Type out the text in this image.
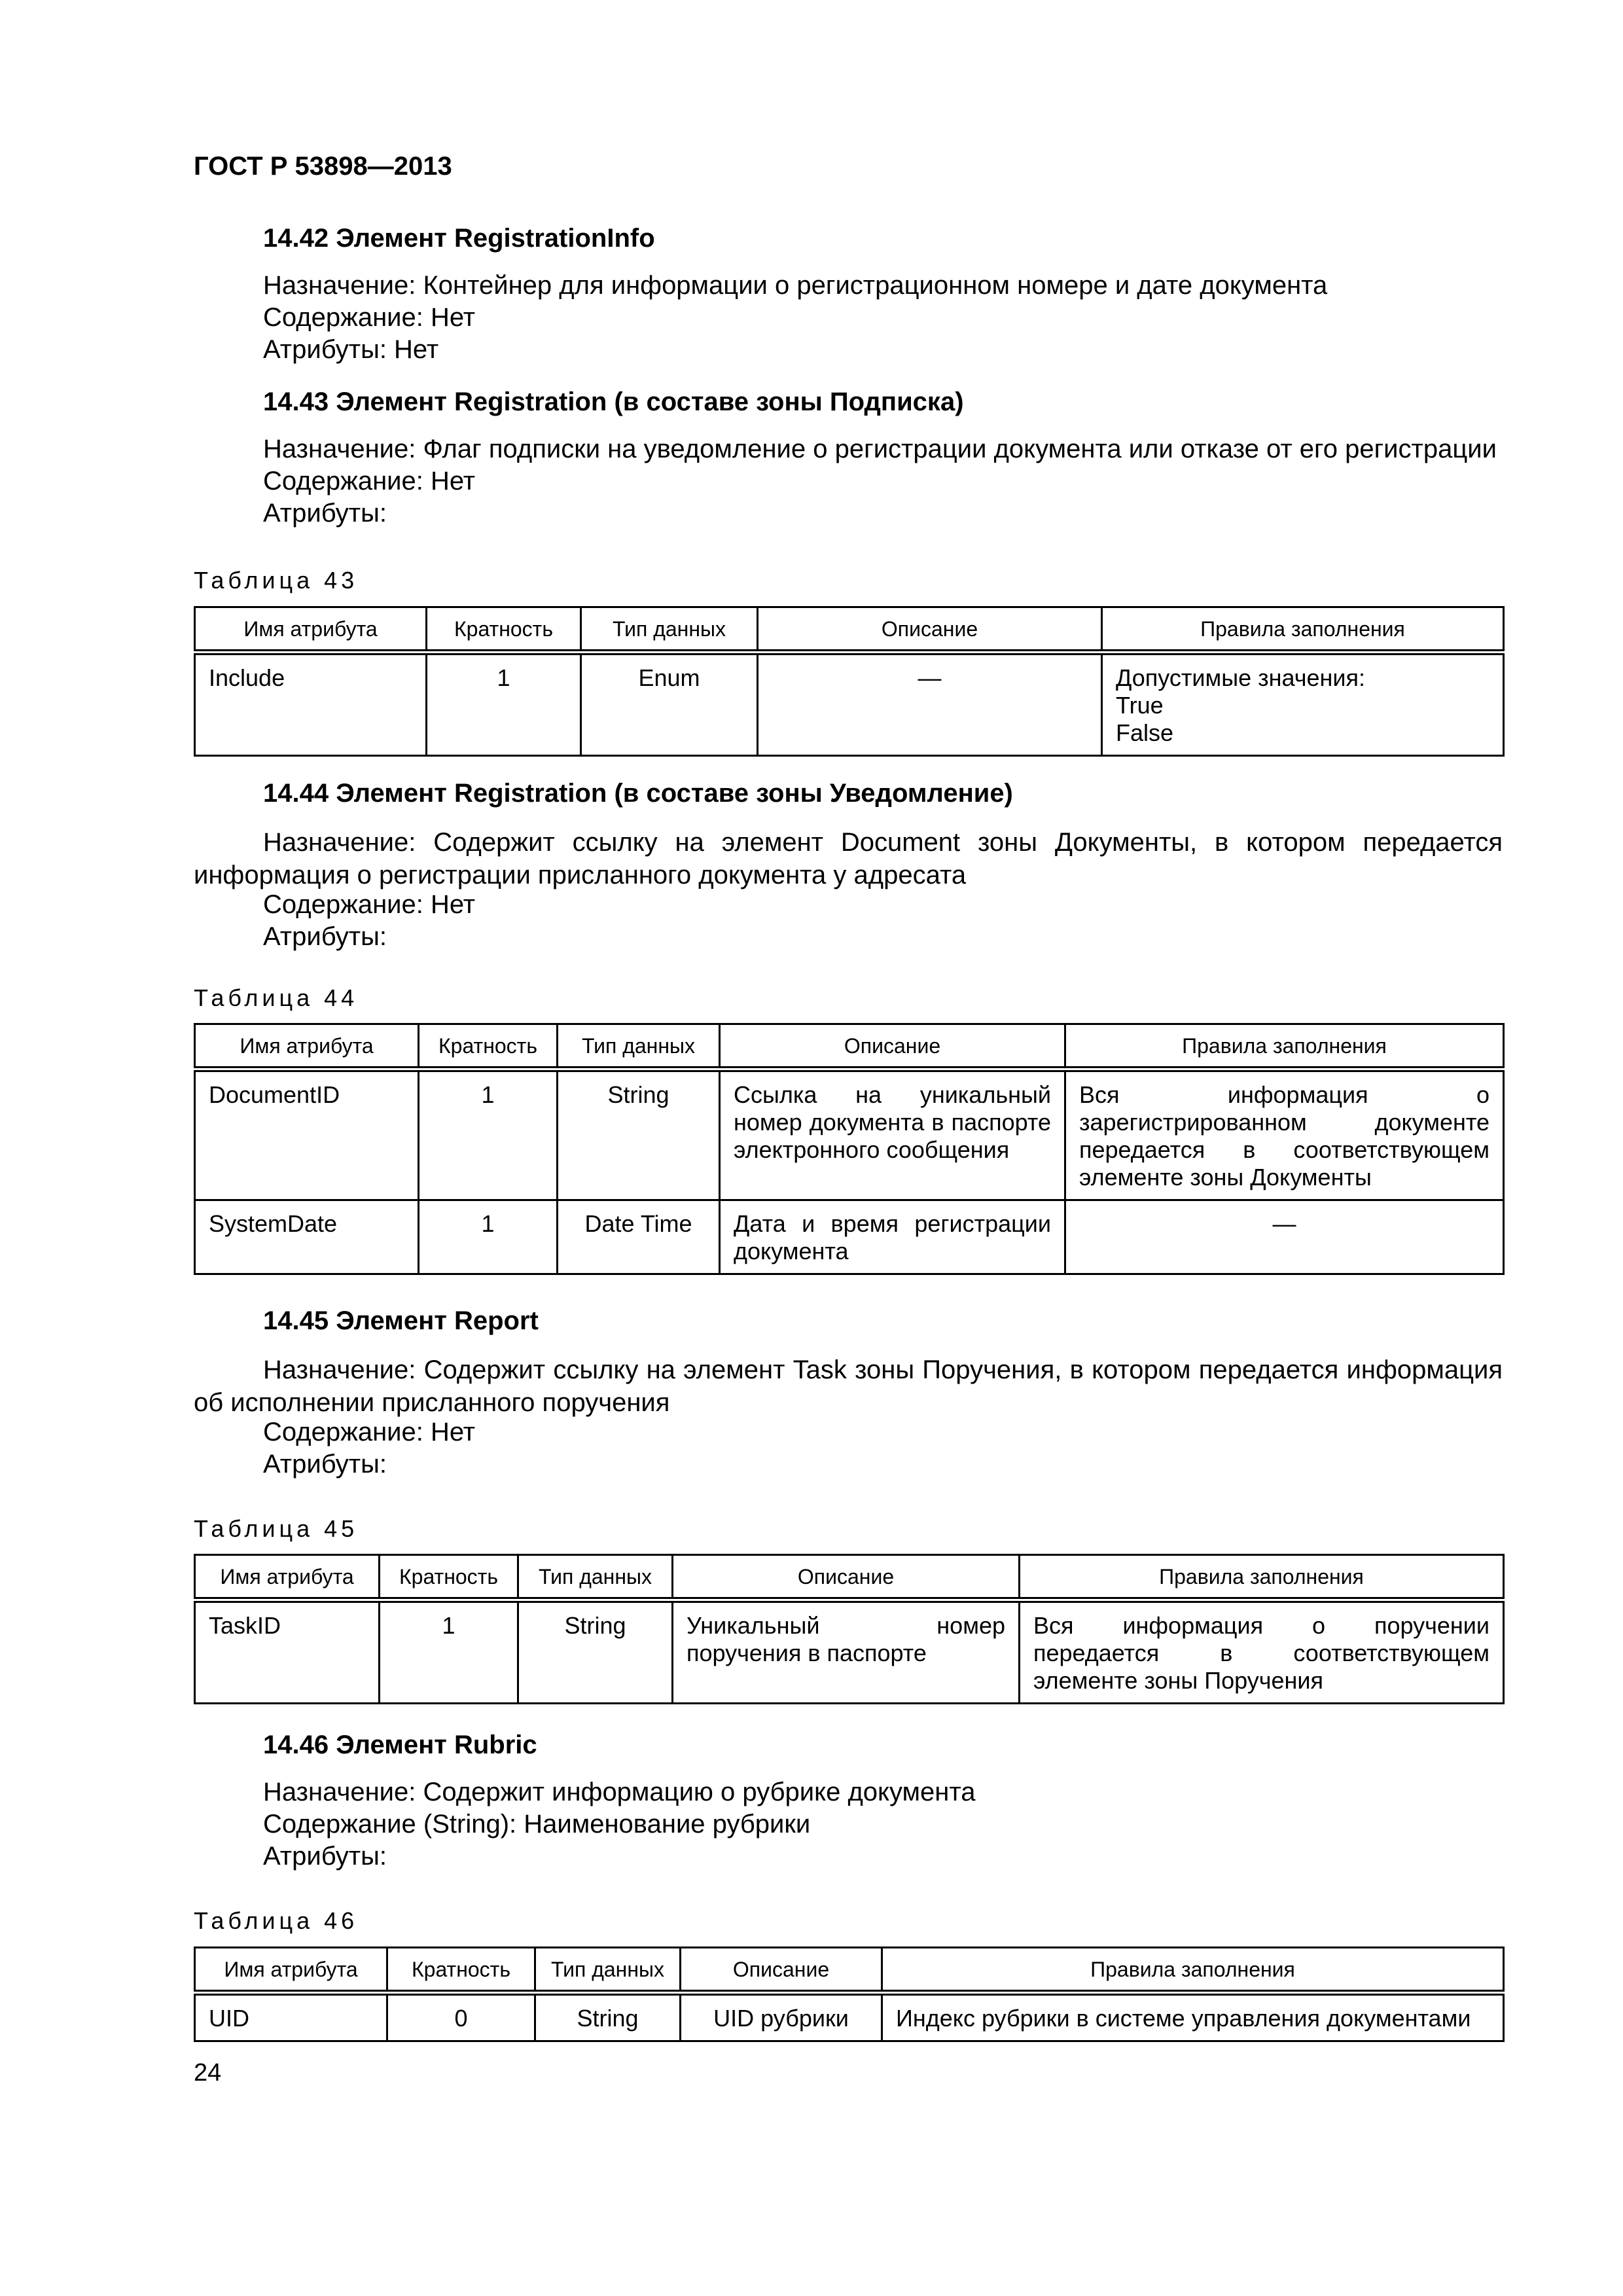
ГОСТ Р 53898—2013
14.42 Элемент RegistrationInfo

Назначение: Контейнер для информации о регистрационном номере и дате документа

Содержание: Нет

Атрибуты: Нет

14.43 Элемент Registration (в составе зоны Подписка)

Назначение: Флаг подписки на уведомление о регистрации документа или отказе от его регистрации

Содержание: Нет

Атрибуты:

Таблица 43

Имя атрибута	Кратность	Тип данных	Описание	Правила заполнения
Include	1	Enum	—	Допустимые значения:
True
False
14.44 Элемент Registration (в составе зоны Уведомление)

Назначение: Содержит ссылку на элемент Document зоны Документы, в котором передается информация о регистрации присланного документа у адресата

Содержание: Нет

Атрибуты:

Таблица 44

Имя атрибута	Кратность	Тип данных	Описание	Правила заполнения
DocumentID	1	String	Ссылка на уникальный номер документа в паспорте электронного сообщения	Вся информация о зарегистрированном документе передается в соответствующем элементе зоны Документы
SystemDate	1	Date Time	Дата и время регистрации документа	—
14.45 Элемент Report

Назначение: Содержит ссылку на элемент Task зоны Поручения, в котором передается информация об исполнении присланного поручения

Содержание: Нет

Атрибуты:

Таблица 45

Имя атрибута	Кратность	Тип данных	Описание	Правила заполнения
TaskID	1	String	Уникальный номер поручения в паспорте	Вся информация о поручении передается в соответствующем элементе зоны Поручения
14.46 Элемент Rubric

Назначение: Содержит информацию о рубрике документа

Содержание (String): Наименование рубрики

Атрибуты:

Таблица 46

Имя атрибута	Кратность	Тип данных	Описание	Правила заполнения
UID	0	String	UID рубрики	Индекс рубрики в системе управления документами

24
